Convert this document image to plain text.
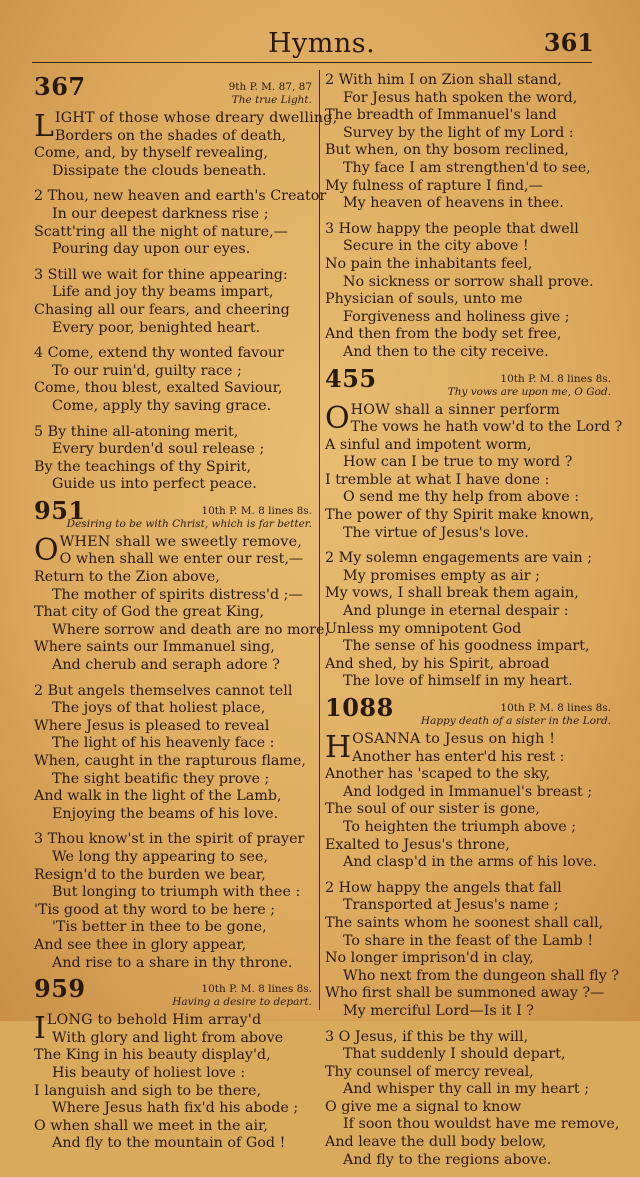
Hymns.	361
367	9th P. M. 87, 87
The true Light.
LIGHT of those whose dreary dwelling,
Borders on the shades of death,
Come, and, by thyself revealing,
Dissipate the clouds beneath.
2 Thou, new heaven and earth's Creator
In our deepest darkness rise ;
Scatt'ring all the night of nature,—
Pouring day upon our eyes.
3 Still we wait for thine appearing:
Life and joy thy beams impart,
Chasing all our fears, and cheering
Every poor, benighted heart.
4 Come, extend thy wonted favour
To our ruin'd, guilty race ;
Come, thou blest, exalted Saviour,
Come, apply thy saving grace.
5 By thine all-atoning merit,
Every burden'd soul release ;
By the teachings of thy Spirit,
Guide us into perfect peace.
951	10th P. M. 8 lines 8s.
Desiring to be with Christ, which is far better.
OWHEN shall we sweetly remove,
O when shall we enter our rest,—
Return to the Zion above,
The mother of spirits distress'd ;—
That city of God the great King,
Where sorrow and death are no more,
Where saints our Immanuel sing,
And cherub and seraph adore ?
2 But angels themselves cannot tell
The joys of that holiest place,
Where Jesus is pleased to reveal
The light of his heavenly face :
When, caught in the rapturous flame,
The sight beatific they prove ;
And walk in the light of the Lamb,
Enjoying the beams of his love.
3 Thou know'st in the spirit of prayer
We long thy appearing to see,
Resign'd to the burden we bear,
But longing to triumph with thee :
'Tis good at thy word to be here ;
'Tis better in thee to be gone,
And see thee in glory appear,
And rise to a share in thy throne.
959	10th P. M. 8 lines 8s.
Having a desire to depart.
ILONG to behold Him array'd
With glory and light from above
The King in his beauty display'd,
His beauty of holiest love :
I languish and sigh to be there,
Where Jesus hath fix'd his abode ;
O when shall we meet in the air,
And fly to the mountain of God !
2 With him I on Zion shall stand,
For Jesus hath spoken the word,
The breadth of Immanuel's land
Survey by the light of my Lord :
But when, on thy bosom reclined,
Thy face I am strengthen'd to see,
My fulness of rapture I find,—
My heaven of heavens in thee.
3 How happy the people that dwell
Secure in the city above !
No pain the inhabitants feel,
No sickness or sorrow shall prove.
Physician of souls, unto me
Forgiveness and holiness give ;
And then from the body set free,
And then to the city receive.
455	10th P. M. 8 lines 8s.
Thy vows are upon me, O God.
OHOW shall a sinner perform
The vows he hath vow'd to the Lord ?
A sinful and impotent worm,
How can I be true to my word ?
I tremble at what I have done :
O send me thy help from above :
The power of thy Spirit make known,
The virtue of Jesus's love.
2 My solemn engagements are vain ;
My promises empty as air ;
My vows, I shall break them again,
And plunge in eternal despair :
Unless my omnipotent God
The sense of his goodness impart,
And shed, by his Spirit, abroad
The love of himself in my heart.
1088	10th P. M. 8 lines 8s.
Happy death of a sister in the Lord.
HOSANNA to Jesus on high !
Another has enter'd his rest :
Another has 'scaped to the sky,
And lodged in Immanuel's breast ;
The soul of our sister is gone,
To heighten the triumph above ;
Exalted to Jesus's throne,
And clasp'd in the arms of his love.
2 How happy the angels that fall
Transported at Jesus's name ;
The saints whom he soonest shall call,
To share in the feast of the Lamb !
No longer imprison'd in clay,
Who next from the dungeon shall fly ?
Who first shall be summoned away ?—
My merciful Lord—Is it I ?
3 O Jesus, if this be thy will,
That suddenly I should depart,
Thy counsel of mercy reveal,
And whisper thy call in my heart ;
O give me a signal to know
If soon thou wouldst have me remove,
And leave the dull body below,
And fly to the regions above.
